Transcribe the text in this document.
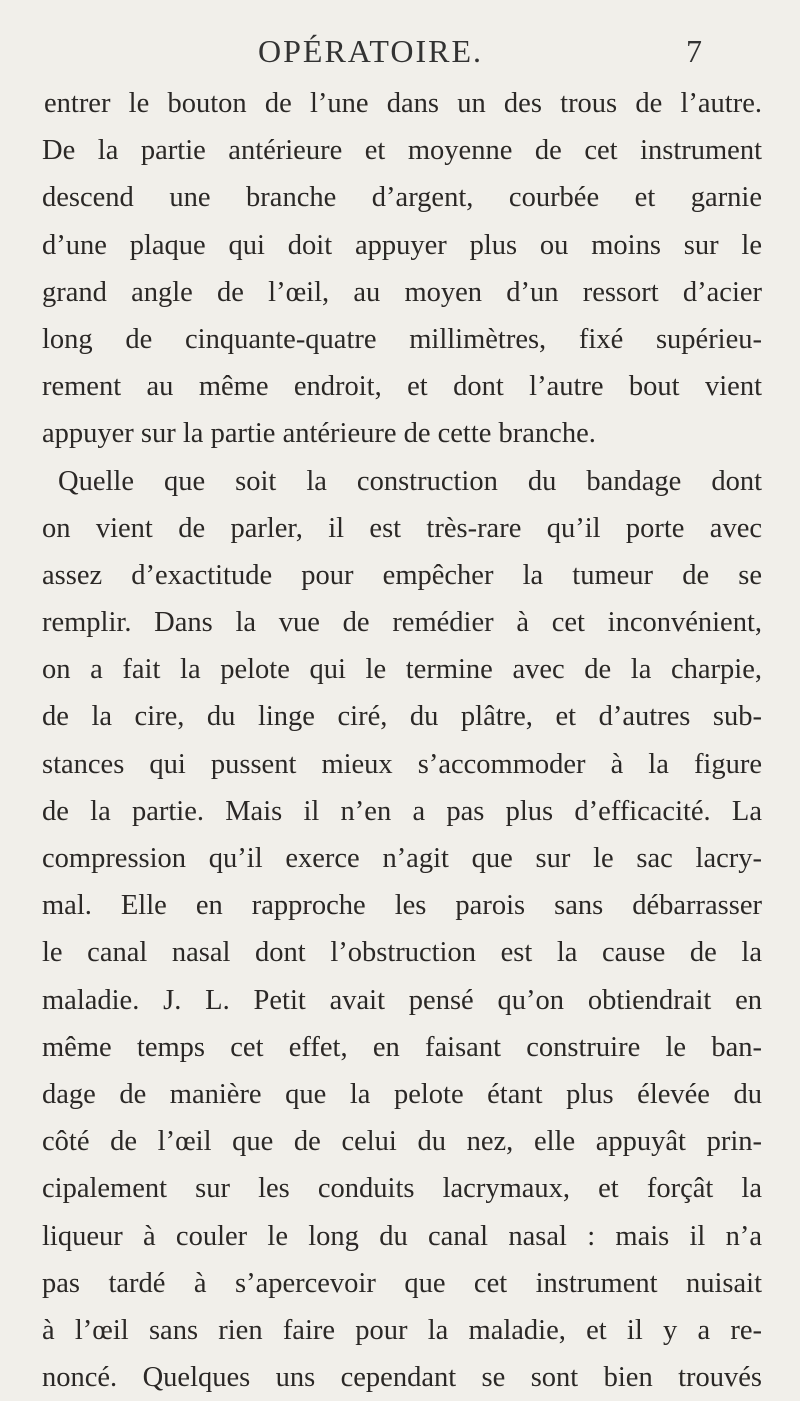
OPÉRATOIRE.	7
entrer le bouton de l’une dans un des trous de l’autre.
De la partie antérieure et moyenne de cet instrument
descend une branche d’argent, courbée et garnie
d’une plaque qui doit appuyer plus ou moins sur le
grand angle de l’œil, au moyen d’un ressort d’acier
long de cinquante-quatre millimètres, fixé supérieu-
rement au même endroit, et dont l’autre bout vient
appuyer sur la partie antérieure de cette branche.
Quelle que soit la construction du bandage dont
on vient de parler, il est très-rare qu’il porte avec
assez d’exactitude pour empêcher la tumeur de se
remplir. Dans la vue de remédier à cet inconvénient,
on a fait la pelote qui le termine avec de la charpie,
de la cire, du linge ciré, du plâtre, et d’autres sub-
stances qui pussent mieux s’accommoder à la figure
de la partie. Mais il n’en a pas plus d’efficacité. La
compression qu’il exerce n’agit que sur le sac lacry-
mal. Elle en rapproche les parois sans débarrasser
le canal nasal dont l’obstruction est la cause de la
maladie. J. L. Petit avait pensé qu’on obtiendrait en
même temps cet effet, en faisant construire le ban-
dage de manière que la pelote étant plus élevée du
côté de l’œil que de celui du nez, elle appuyât prin-
cipalement sur les conduits lacrymaux, et forçât la
liqueur à couler le long du canal nasal : mais il n’a
pas tardé à s’apercevoir que cet instrument nuisait
à l’œil sans rien faire pour la maladie, et il y a re-
noncé. Quelques uns cependant se sont bien trouvés
